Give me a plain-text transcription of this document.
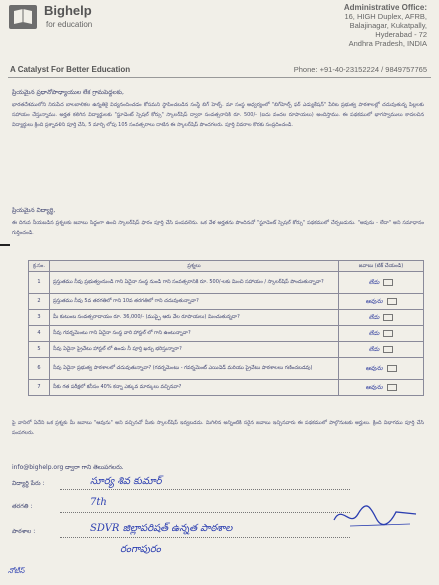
Bighelp
for education
Administrative Office:
16, HIGH Duplex, AFRB,
Balajinagar, Kukatpally,
Hyderabad - 72
Andhra Pradesh, INDIA
A Catalyst For Better Education	Phone: +91-40-23152224 / 9849757765
ప్రియమైన ప్రధానోపాధ్యాయుల లేక గ్రామపెద్దలకు,
భారతదేశములోని నిరుపేద బాలబాలికల ఉన్నతికై విద్యనందించడం కోసమని స్థాపించబడిన సంస్థే బిగ్ హెల్ప్. మా సంస్థ ఆధ్వర్యంలో "బిగ్‌హెల్ప్ ఫర్ ఎడ్యుకేషన్" పేరిట ప్రభుత్వ పాఠశాలల్లో చదువుతున్న పిల్లలకు సహాయం చేస్తున్నాము. అర్హత కలిగిన విద్యార్థులకు "స్టూడెంట్ స్పెషల్ కోర్సు" స్కాలర్‌షిప్ ద్వారా సంవత్సరానికి రూ. 500/- (ఐదు వందల రూపాయలు) అందిస్తాము. ఈ పథకములో భాగస్వాములు కాదలచిన విద్యార్థులు క్రింది ప్రశ్నావళిని పూర్తి చేసి, 5 మార్చి లోపు 105 సంవత్సరాలు దాటిన ఈ స్కాలర్‌షిప్ పొందగలరు. పూర్తి వివరాల కొరకు సంప్రదించండి.
ప్రియమైన విద్యార్థి,
ఈ దిగువ నీయబడిన ప్రశ్నలకు జవాబు సిద్ధంగా ఉంచి స్కాలర్‌షిప్ ఫారం పూర్తి చేసి పంపవలెను. ఒక వేళ అర్హతను పొందినచో "స్టూడెంట్ స్పెషల్ కోర్సు" పథకములో చేర్చబడును. "ఆవును - లేదా" అని సమాధానం గుర్తించండి.
క్ర.సం.	ప్రశ్నలు	జవాబు (టిక్ చేయండి)
1	ప్రస్తుతము నీవు ప్రభుత్వంనుండి గాని ఏదైనా సంస్థ నుండి గాని సంవత్సరానికి రూ. 500/-లకు మించి సహాయం / స్కాలర్‌షిప్ పొందుతున్నావా?	లేదు
2	ప్రస్తుతము నీవు 5వ తరగతిలో గాని 10వ తరగతిలో గాని చదువుతున్నావా?	ఆవును
3	మీ కుటుంబ సంవత్సరాదాయం రూ. 36,000/- (ముప్పై ఆరు వేల రూపాయలు) మించుతున్నదా?	లేదు
4	నీవు గవర్నమెంటు గాని ఏదైనా సంస్థ వారి హాస్టల్ లో గాని ఉంటున్నావా?	లేదు
5	నీవు ఏదైనా ప్రైవేటు హాస్టల్ లో ఉండు నీ పూర్తి ఖర్చు భరిస్తున్నారా?	లేదు
6	నీవు ఏదైనా ప్రభుత్వ పాఠశాలలో చదువుతున్నావా? (గవర్నమెంటు - గవర్నమెంట్ ఎయిడెడ్ మరియు ప్రైవేటు పాఠశాలలు గణించబడవు)	ఆవును
7	నీకు గత పరీక్షలో కనీసం 40% కన్నా ఎక్కువ మార్కులు వచ్చినవా?	ఆవును
పై వానిలో ఏదేని ఒక ప్రశ్నకు మీ జవాబు "ఆవును" అని వచ్చినచో మీకు స్కాలర్‌షిప్ ఇవ్వబడదు. మిగిలిన అన్నింటికి సరైన జవాబు ఇచ్చినవారు ఈ పథకములో పాల్గొనుటకు అర్హులు. క్రింది విభాగము పూర్తి చేసి పంపగలరు.
info@bighelp.org ద్వారా గాని తెలుపగలరు.
విద్యార్థి పేరు :	సూర్య శివ కుమార్
తరగతి :	7th
పాఠశాల :	SDVR జిల్లాపరిషత్ ఉన్నత పాఠశాల
రంగాపురం
నోటీస్
